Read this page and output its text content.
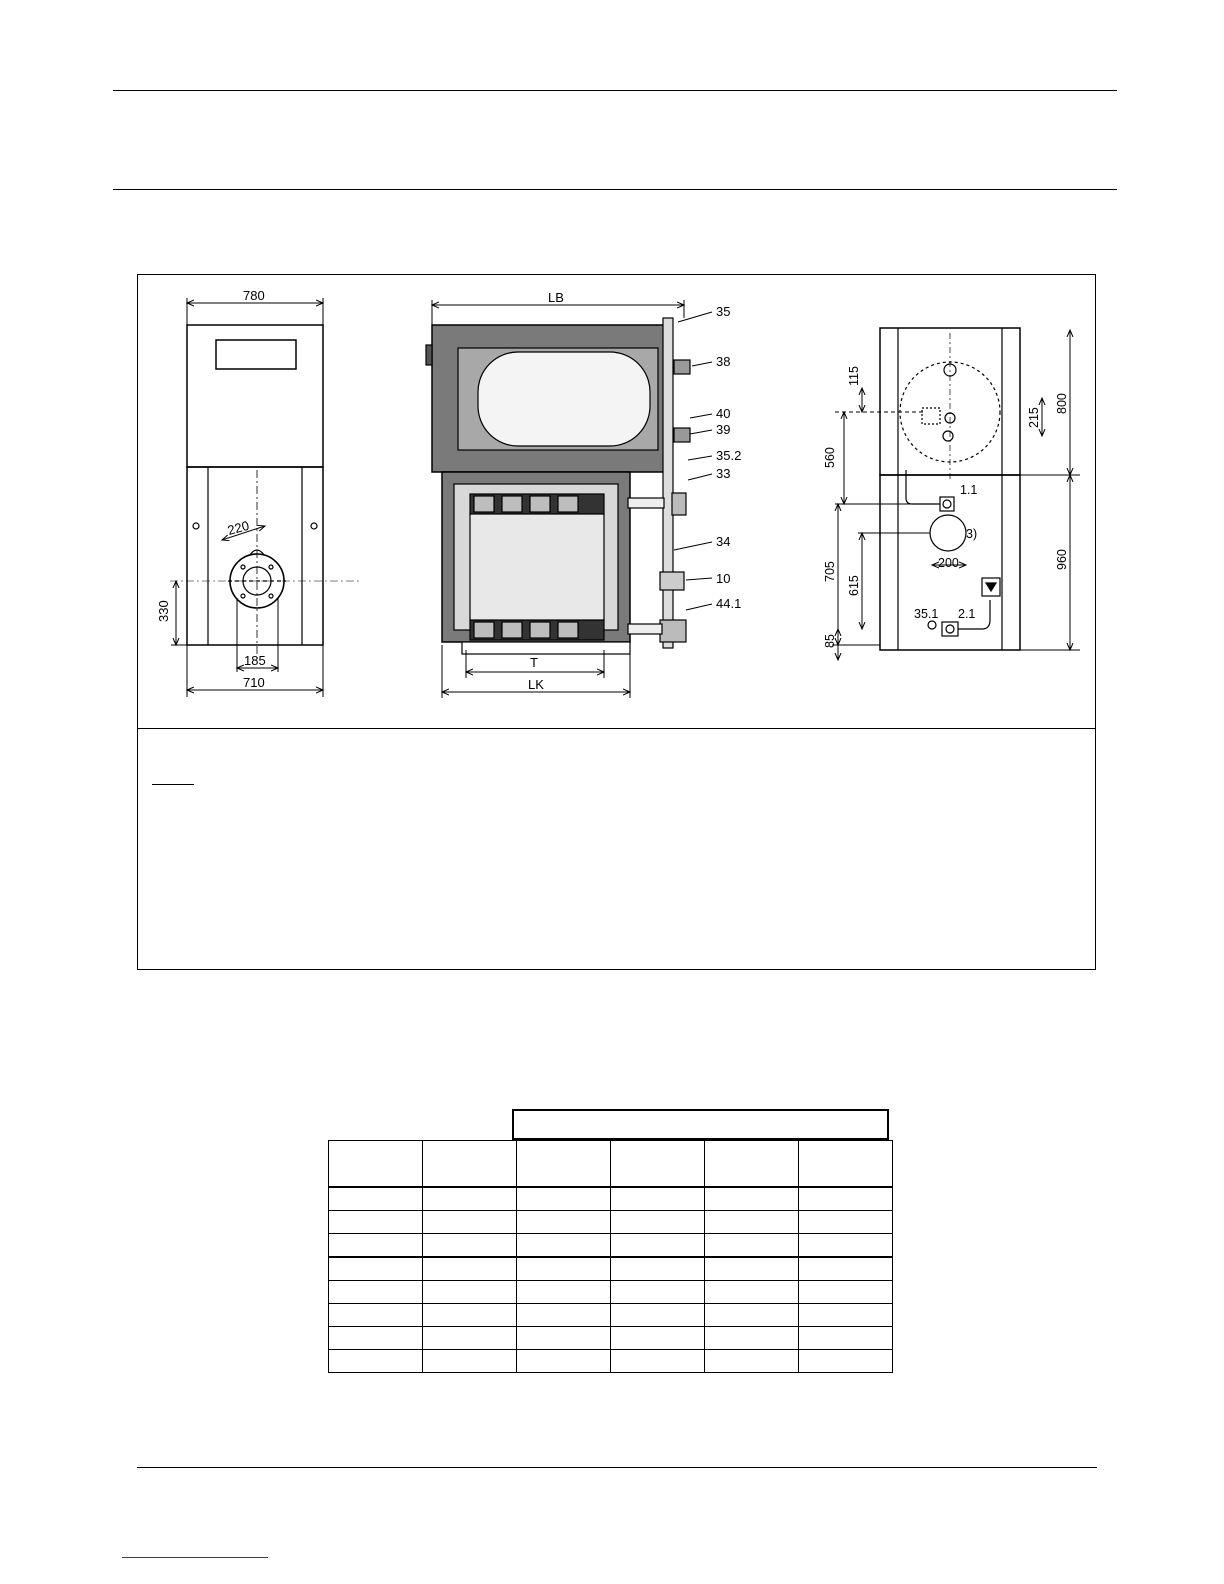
780
710
185
220
330
LB
T
LK
35
38
40
39
35.2
33
34
10
44.1
115
560
705
615
85
800
215
960
1.1
3)
200
35.1 2.1
